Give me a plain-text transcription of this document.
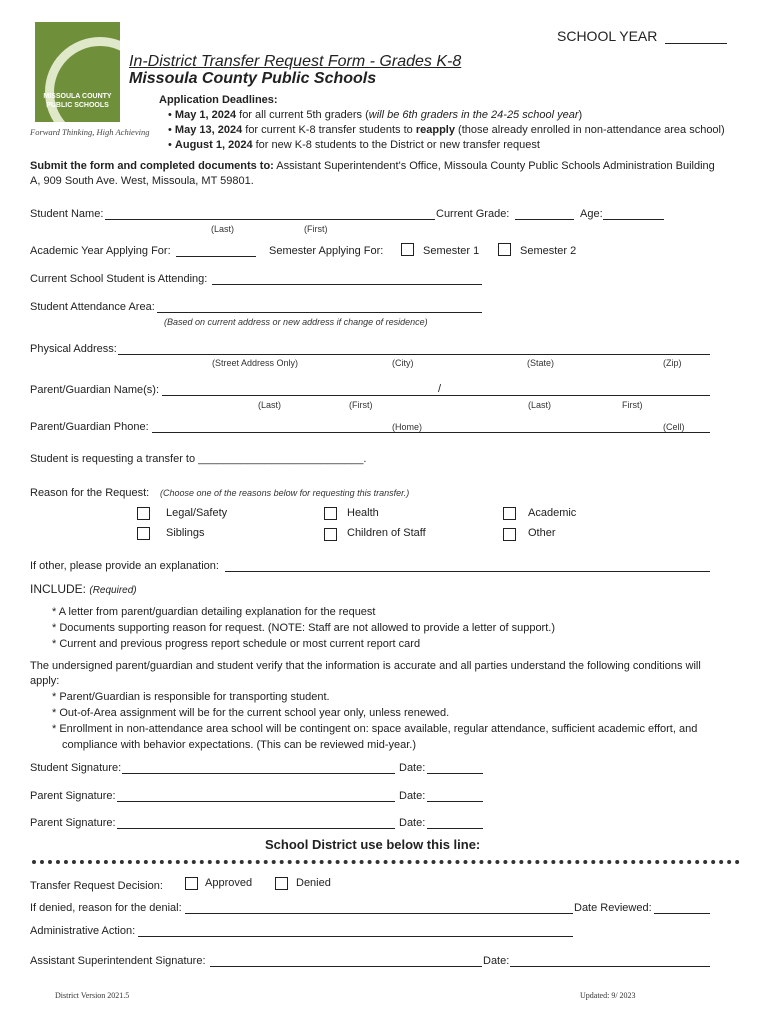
MISSOULA COUNTY PUBLIC SCHOOLS
Forward Thinking, High Achieving
SCHOOL YEAR
In-District Transfer Request Form - Grades K-8
Missoula County Public Schools
Application Deadlines:
• May 1, 2024 for all current 5th graders (will be 6th graders in the 24-25 school year)
• May 13, 2024 for current K-8 transfer students to reapply (those already enrolled in non-attendance area school)
• August 1, 2024 for new K-8 students to the District or new transfer request
Submit the form and completed documents to: Assistant Superintendent's Office, Missoula County Public Schools Administration Building
A, 909 South Ave. West, Missoula, MT 59801.
Student Name:
(Last)	(First)
Current Grade:	Age:
Academic Year Applying For:	Semester Applying For:	Semester 1	Semester 2
Current School Student is Attending:
Student Attendance Area:
(Based on current address or new address if change of residence)
Physical Address:
(Street Address Only)	(City)	(State)	(Zip)
Parent/Guardian Name(s):	/
(Last)	(First)	(Last)	First)
Parent/Guardian Phone:	(Home)	(Cell)
Student is requesting a transfer to ___________________________.
Reason for the Request: (Choose one of the reasons below for requesting this transfer.)
Legal/Safety	Health	Academic
Siblings	Children of Staff	Other
If other, please provide an explanation:
INCLUDE: (Required)
* A letter from parent/guardian detailing explanation for the request
* Documents supporting reason for request. (NOTE: Staff are not allowed to provide a letter of support.)
* Current and previous progress report schedule or most current report card
The undersigned parent/guardian and student verify that the information is accurate and all parties understand the following conditions will
apply:
* Parent/Guardian is responsible for transporting student.
* Out-of-Area assignment will be for the current school year only, unless renewed.
* Enrollment in non-attendance area school will be contingent on: space available, regular attendance, sufficient academic effort, and
compliance with behavior expectations. (This can be reviewed mid-year.)
Student Signature:	Date:
Parent Signature:	Date:
Parent Signature:	Date:
School District use below this line:
Transfer Request Decision:	Approved	Denied
If denied, reason for the denial:	Date Reviewed:
Administrative Action:
Assistant Superintendent Signature:	Date:
District Version 2021.5	Updated: 9/ 2023
